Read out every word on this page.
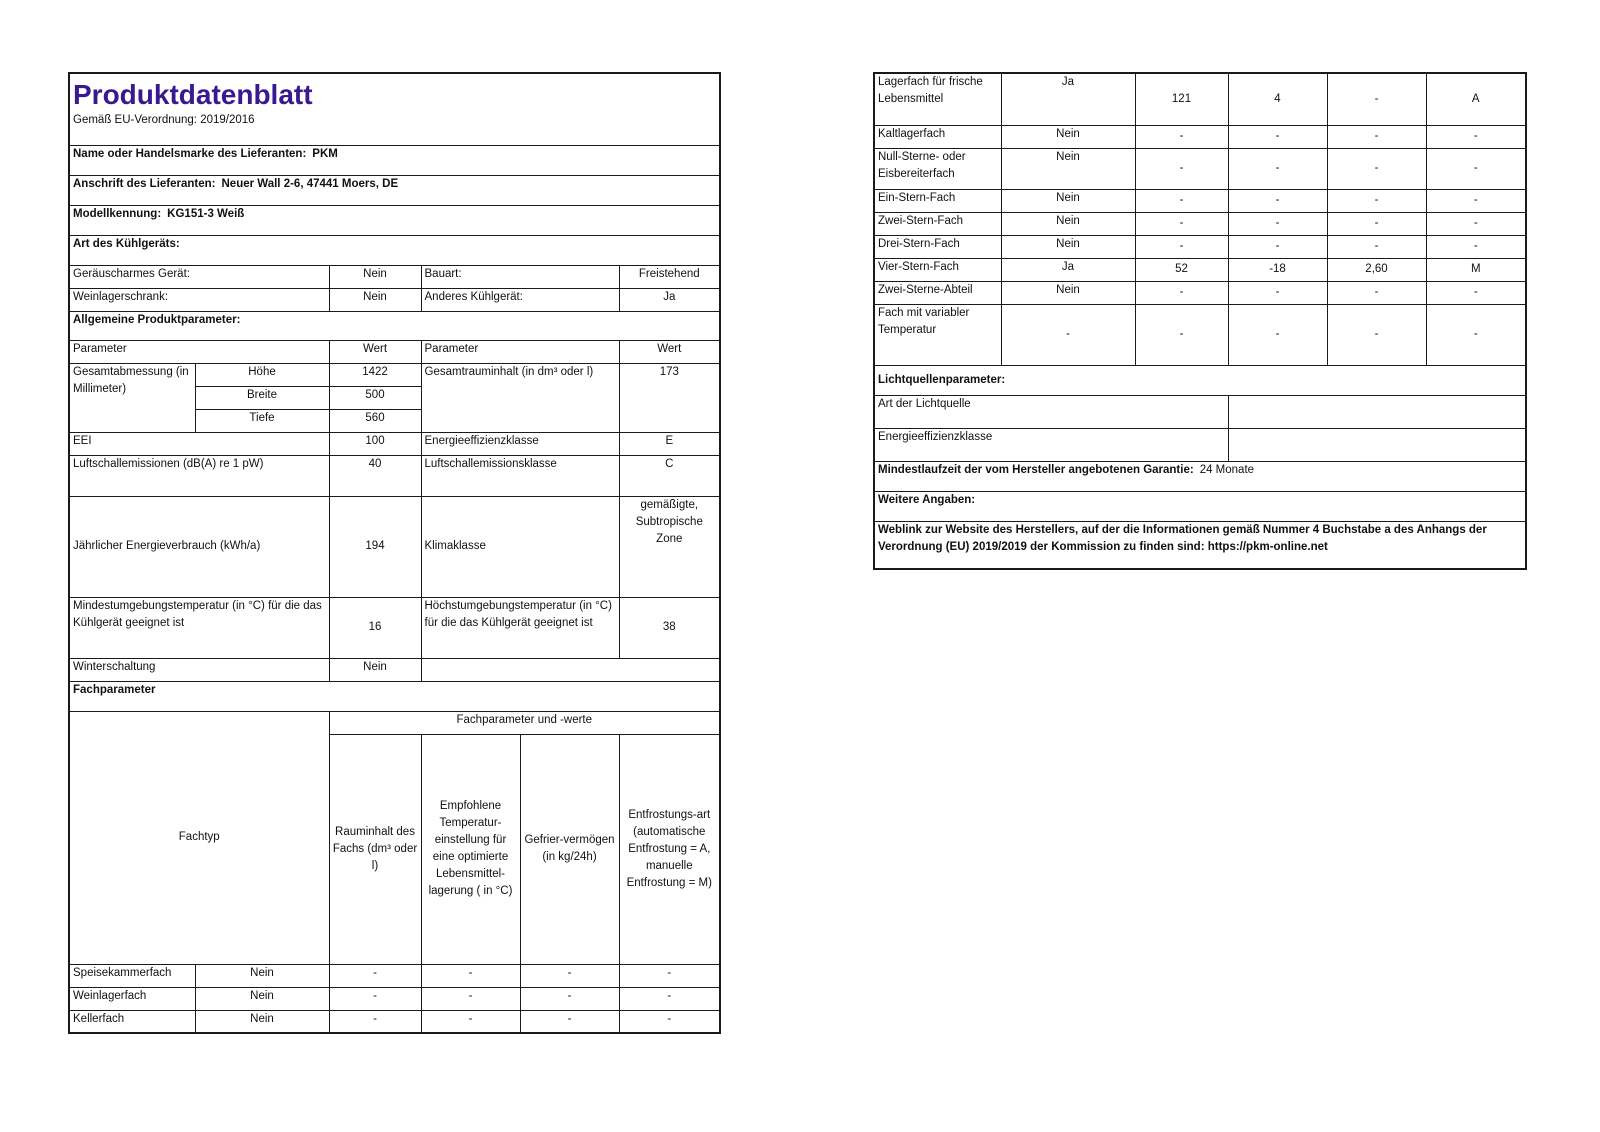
Produktdatenblatt
Gemäß EU-Verordnung: 2019/2016					

Name oder Handelsmarke des Lieferanten: PKM					
Anschrift des Lieferanten: Neuer Wall 2-6, 47441 Moers, DE					
Modellkennung: KG151-3 Weiß					
Art des Kühlgeräts:					
Geräuscharmes Gerät:		Nein	Bauart:		Freistehend
Weinlagerschrank:		Nein	Anderes Kühlgerät:		Ja
Allgemeine Produktparameter:					
Parameter		Wert	Parameter		Wert
Gesamtabmessung (in Millimeter)	Höhe	1422	Gesamtrauminhalt (in dm³ oder l)		173
	Breite	500			
	Tiefe	560			
EEI		100	Energieeffizienzklasse		E
Luftschallemissionen (dB(A) re 1 pW)		40	Luftschallemissionsklasse		C
Jährlicher Energieverbrauch (kWh/a)		194	Klimaklasse		gemäßigte, Subtropische Zone
Mindestumgebungstemperatur (in °C) für die das Kühlgerät geeignet ist		16	Höchstumgebungstemperatur (in °C) für die das Kühlgerät geeignet ist		38
Winterschaltung		Nein			
Fachparameter					
Fachtyp		Fachparameter und -werte			
		Rauminhalt des Fachs (dm³ oder l)	Empfohlene Temperatur-einstellung für eine optimierte Lebensmittel-lagerung ( in °C)	Gefrier-vermögen (in kg/24h)	Entfrostungs-art (automatische Entfrostung = A, manuelle Entfrostung = M)
Speisekammerfach	Nein	-	-	-	-
Weinlagerfach	Nein	-	-	-	-
Kellerfach	Nein	-	-	-	-
Lagerfach für frische Lebensmittel	Ja	121	4	-	A
Kaltlagerfach	Nein	-	-	-	-
Null-Sterne- oder Eisbereiterfach	Nein	-	-	-	-
Ein-Stern-Fach	Nein	-	-	-	-
Zwei-Stern-Fach	Nein	-	-	-	-
Drei-Stern-Fach	Nein	-	-	-	-
Vier-Stern-Fach	Ja	52	-18	2,60	M
Zwei-Sterne-Abteil	Nein	-	-	-	-
Fach mit variabler Temperatur	-	-	-	-	-
Lichtquellenparameter:					
Art der Lichtquelle					
Energieeffizienzklasse					
Mindestlaufzeit der vom Hersteller angebotenen Garantie: 24 Monate					
Weitere Angaben:					
Weblink zur Website des Herstellers, auf der die Informationen gemäß Nummer 4 Buchstabe a des Anhangs der Verordnung (EU) 2019/2019 der Kommission zu finden sind: https://pkm-online.net					
